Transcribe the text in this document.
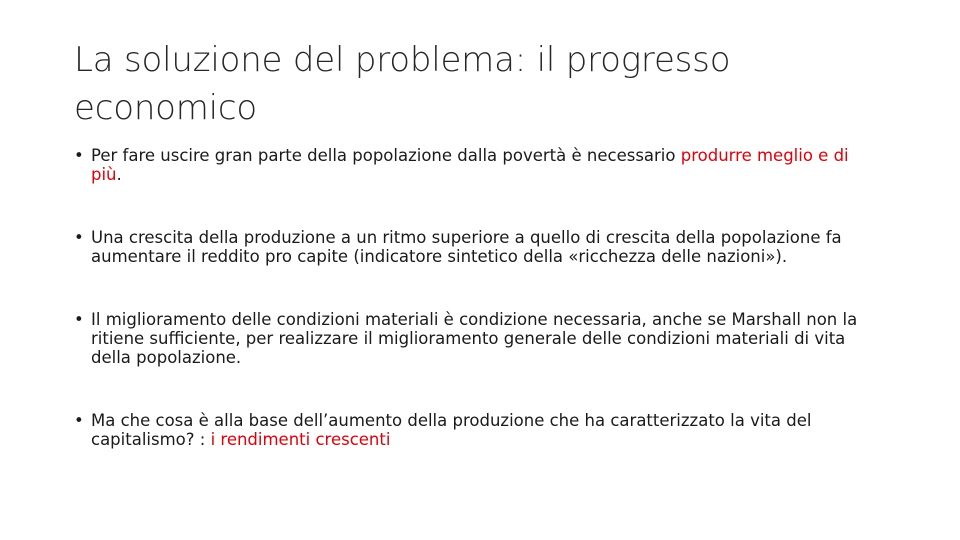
La soluzione del problema: il progresso economico
• Per fare uscire gran parte della popolazione dalla povertà è necessario produrre meglio e di più.
• Una crescita della produzione a un ritmo superiore a quello di crescita della popolazione fa aumentare il reddito pro capite (indicatore sintetico della «ricchezza delle nazioni»).
• Il miglioramento delle condizioni materiali è condizione necessaria, anche se Marshall non la ritiene sufficiente, per realizzare il miglioramento generale delle condizioni materiali di vita della popolazione.
• Ma che cosa è alla base dell’aumento della produzione che ha caratterizzato la vita del capitalismo? : i rendimenti crescenti
